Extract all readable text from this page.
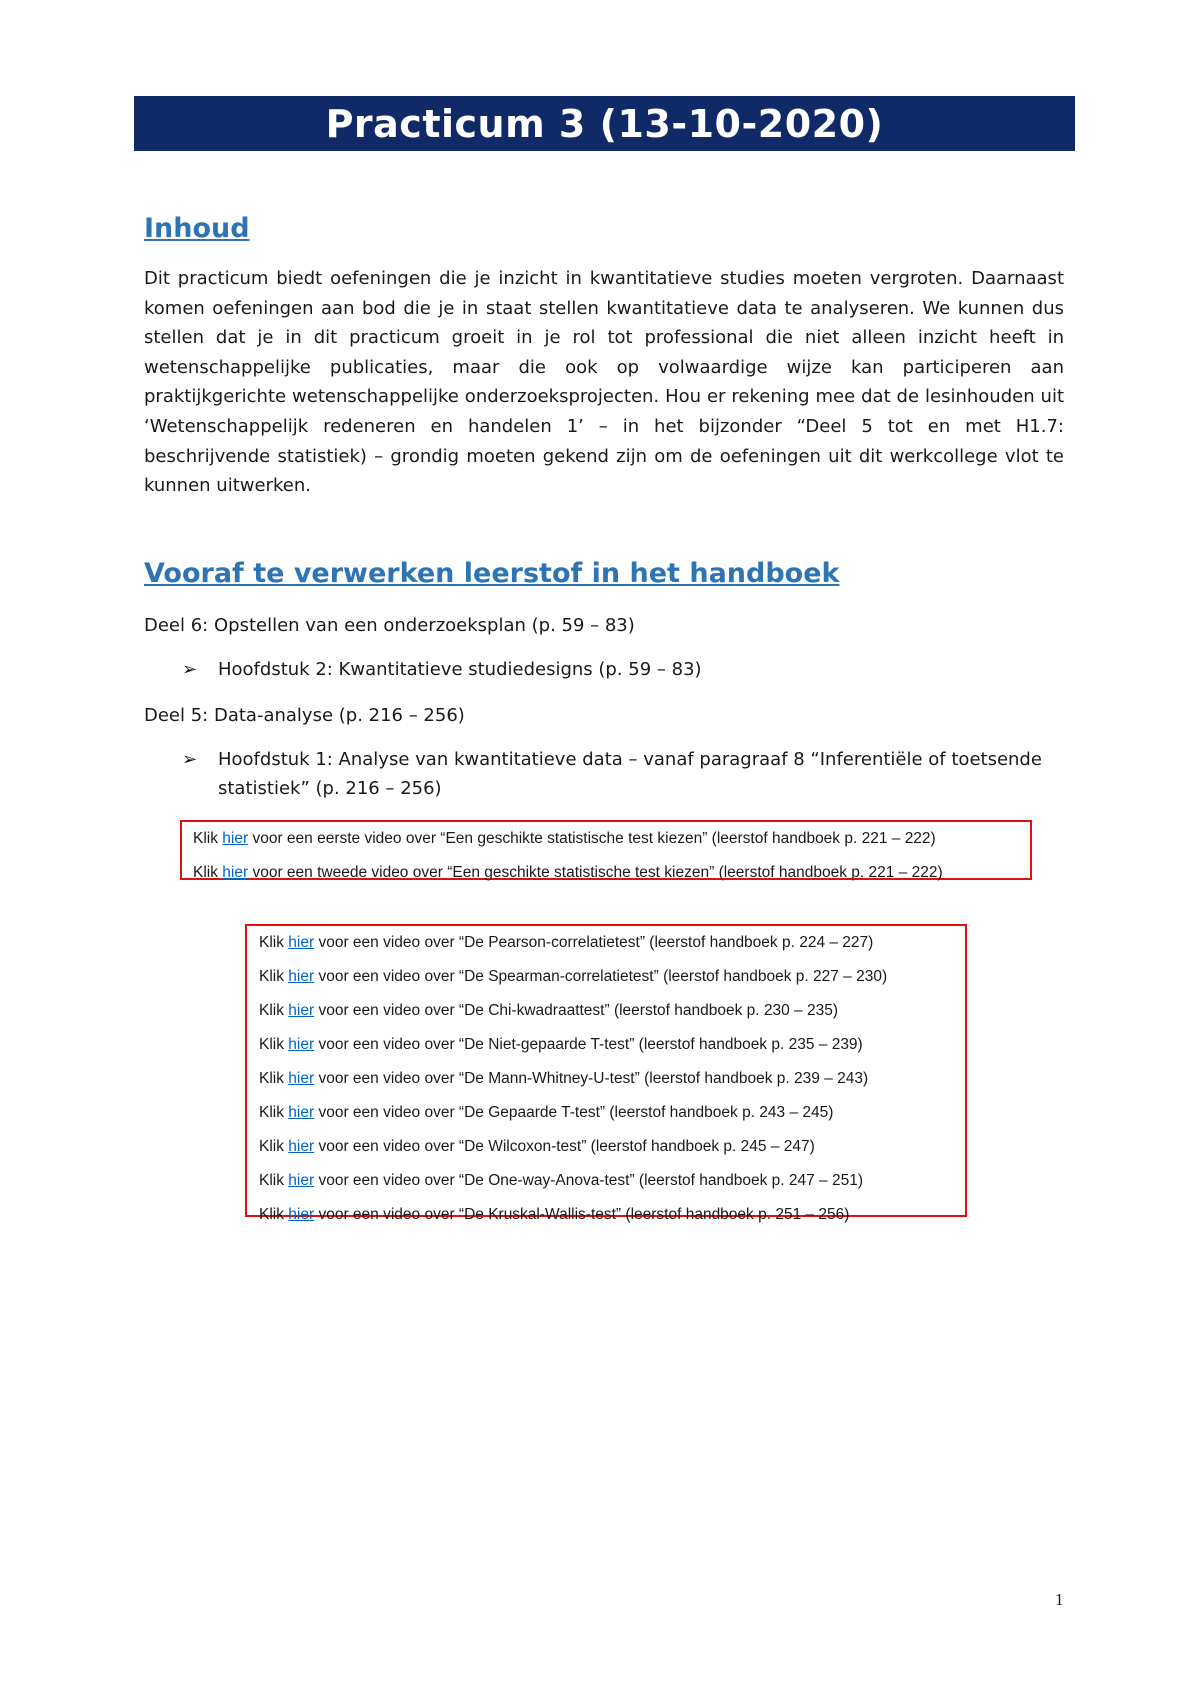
Practicum 3 (13-10-2020)
Inhoud

Dit practicum biedt oefeningen die je inzicht in kwantitatieve studies moeten vergroten. Daarnaast komen oefeningen aan bod die je in staat stellen kwantitatieve data te analyseren. We kunnen dus stellen dat je in dit practicum groeit in je rol tot professional die niet alleen inzicht heeft in wetenschappelijke publicaties, maar die ook op volwaardige wijze kan participeren aan praktijkgerichte wetenschappelijke onderzoeksprojecten. Hou er rekening mee dat de lesinhouden uit ‘Wetenschappelijk redeneren en handelen 1’ – in het bijzonder “Deel 5 tot en met H1.7: beschrijvende statistiek) – grondig moeten gekend zijn om de oefeningen uit dit werkcollege vlot te kunnen uitwerken.

Vooraf te verwerken leerstof in het handboek

Deel 6: Opstellen van een onderzoeksplan (p. 59 – 83)

➢ Hoofdstuk 2: Kwantitatieve studiedesigns (p. 59 – 83)

Deel 5: Data-analyse (p. 216 – 256)

➢ Hoofdstuk 1: Analyse van kwantitatieve data – vanaf paragraaf 8 “Inferentiële of toetsende
statistiek” (p. 216 – 256)
Klik hier voor een eerste video over “Een geschikte statistische test kiezen” (leerstof handboek p. 221 – 222)
Klik hier voor een tweede video over “Een geschikte statistische test kiezen” (leerstof handboek p. 221 – 222)
Klik hier voor een video over “De Pearson-correlatietest” (leerstof handboek p. 224 – 227)
Klik hier voor een video over “De Spearman-correlatietest” (leerstof handboek p. 227 – 230)
Klik hier voor een video over “De Chi-kwadraattest” (leerstof handboek p. 230 – 235)
Klik hier voor een video over “De Niet-gepaarde T-test” (leerstof handboek p. 235 – 239)
Klik hier voor een video over “De Mann-Whitney-U-test” (leerstof handboek p. 239 – 243)
Klik hier voor een video over “De Gepaarde T-test” (leerstof handboek p. 243 – 245)
Klik hier voor een video over “De Wilcoxon-test” (leerstof handboek p. 245 – 247)
Klik hier voor een video over “De One-way-Anova-test” (leerstof handboek p. 247 – 251)
Klik hier voor een video over “De Kruskal-Wallis-test” (leerstof handboek p. 251 – 256)
1
